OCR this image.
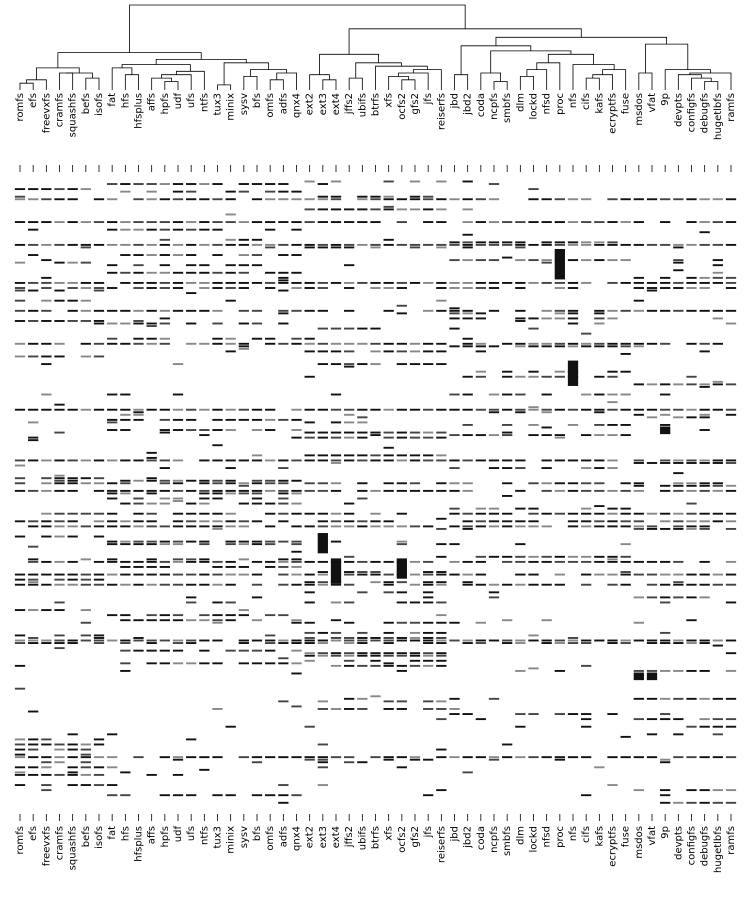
romfs efs freevxfs cramfs squashfs befs isofs fat hfs hfsplus affs hpfs udf ufs ntfs tux3 minix sysv bfs omfs adfs qnx4 ext2 ext3 ext4 jffs2 ubifs btrfs xfs ocfs2 gfs2 jfs reiserfs jbd jbd2 coda ncpfs smbfs dlm lockd nfsd proc nfs cifs kafs ecryptfs fuse msdos vfat 9p devpts configfs debugfs hugetlbfs ramfs
romfs efs freevxfs cramfs squashfs befs isofs fat hfs hfsplus affs hpfs udf ufs ntfs tux3 minix sysv bfs omfs adfs qnx4 ext2 ext3 ext4 jffs2 ubifs btrfs xfs ocfs2 gfs2 jfs reiserfs jbd jbd2 coda ncpfs smbfs dlm lockd nfsd proc nfs cifs kafs ecryptfs fuse msdos vfat 9p devpts configfs debugfs hugetlbfs ramfs
